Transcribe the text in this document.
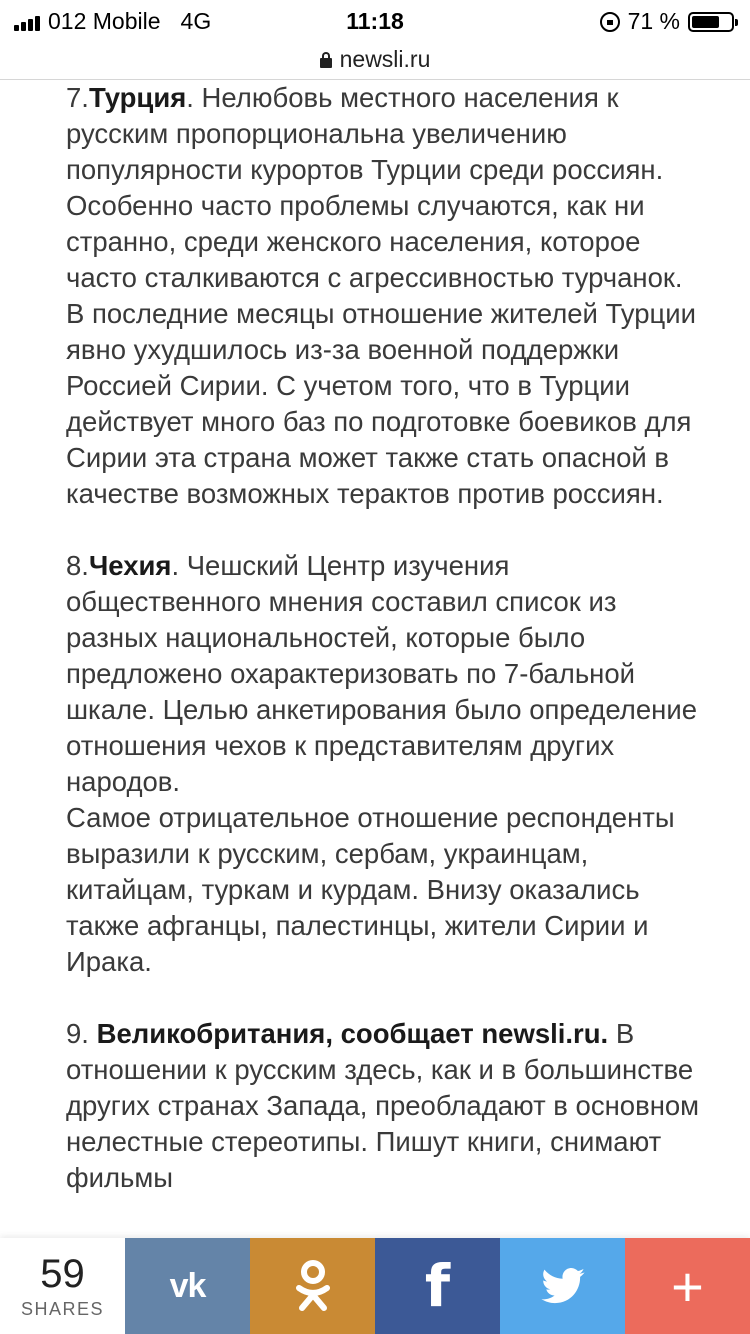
012 Mobile 4G	11:18	71 %
newsli.ru

7.Турция. Нелюбовь местного населения к русским пропорциональна увеличению популярности курортов Турции среди россиян. Особенно часто проблемы случаются, как ни странно, среди женского населения, которое часто сталкиваются с агрессивностью турчанок. В последние месяцы отношение жителей Турции явно ухудшилось из-за военной поддержки Россией Сирии. С учетом того, что в Турции действует много баз по подготовке боевиков для Сирии эта страна может также стать опасной в качестве возможных терактов против россиян.

8.Чехия. Чешский Центр изучения общественного мнения составил список из разных национальностей, которые было предложено охарактеризовать по 7-бальной шкале. Целью анкетирования было определение отношения чехов к представителям других народов.
Самое отрицательное отношение респонденты выразили к русским, сербам, украинцам, китайцам, туркам и курдам. Внизу оказались также афганцы, палестинцы, жители Сирии и Ирака.

9. Великобритания, сообщает newsli.ru. В отношении к русским здесь, как и в большинстве других странах Запада, преобладают в основном нелестные стереотипы. Пишут книги, снимают фильмы

59
SHARES
vk	f	+
